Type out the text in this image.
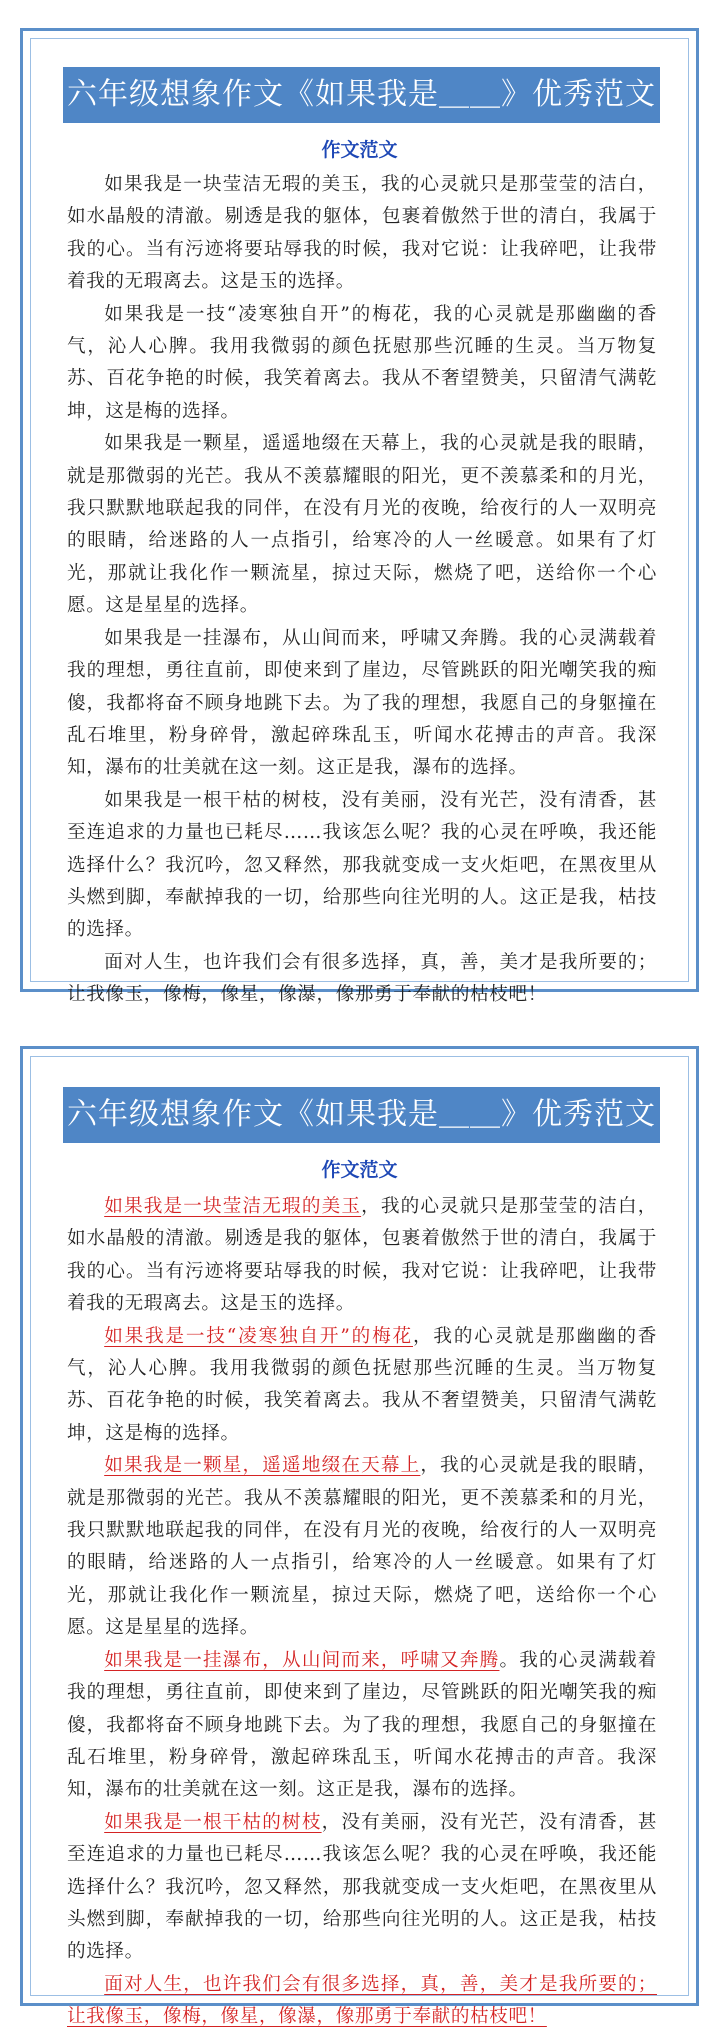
六年级想象作文《如果我是＿＿》优秀范文
作文范文

如果我是一块莹洁无瑕的美玉，我的心灵就只是那莹莹的洁白，如水晶般的清澈。剔透是我的躯体，包裹着傲然于世的清白，我属于我的心。当有污迹将要玷辱我的时候，我对它说：让我碎吧，让我带着我的无瑕离去。这是玉的选择。

如果我是一技“凌寒独自开”的梅花，我的心灵就是那幽幽的香气，沁人心脾。我用我微弱的颜色抚慰那些沉睡的生灵。当万物复苏、百花争艳的时候，我笑着离去。我从不奢望赞美，只留清气满乾坤，这是梅的选择。

如果我是一颗星，遥遥地缀在天幕上，我的心灵就是我的眼睛，就是那微弱的光芒。我从不羡慕耀眼的阳光，更不羡慕柔和的月光，我只默默地联起我的同伴，在没有月光的夜晚，给夜行的人一双明亮的眼睛，给迷路的人一点指引，给寒冷的人一丝暖意。如果有了灯光，那就让我化作一颗流星，掠过天际，燃烧了吧，送给你一个心愿。这是星星的选择。

如果我是一挂瀑布，从山间而来，呼啸又奔腾。我的心灵满载着我的理想，勇往直前，即使来到了崖边，尽管跳跃的阳光嘲笑我的痴傻，我都将奋不顾身地跳下去。为了我的理想，我愿自己的身躯撞在乱石堆里，粉身碎骨，激起碎珠乱玉，听闻水花搏击的声音。我深知，瀑布的壮美就在这一刻。这正是我，瀑布的选择。

如果我是一根干枯的树枝，没有美丽，没有光芒，没有清香，甚至连追求的力量也已耗尽……我该怎么呢？我的心灵在呼唤，我还能选择什么？我沉吟，忽又释然，那我就变成一支火炬吧，在黑夜里从头燃到脚，奉献掉我的一切，给那些向往光明的人。这正是我，枯技的选择。

面对人生，也许我们会有很多选择，真，善，美才是我所要的；让我像玉，像梅，像星，像瀑，像那勇于奉献的枯枝吧！

六年级想象作文《如果我是＿＿》优秀范文
作文范文

如果我是一块莹洁无瑕的美玉，我的心灵就只是那莹莹的洁白，如水晶般的清澈。剔透是我的躯体，包裹着傲然于世的清白，我属于我的心。当有污迹将要玷辱我的时候，我对它说：让我碎吧，让我带着我的无瑕离去。这是玉的选择。

如果我是一技“凌寒独自开”的梅花，我的心灵就是那幽幽的香气，沁人心脾。我用我微弱的颜色抚慰那些沉睡的生灵。当万物复苏、百花争艳的时候，我笑着离去。我从不奢望赞美，只留清气满乾坤，这是梅的选择。

如果我是一颗星，遥遥地缀在天幕上，我的心灵就是我的眼睛，就是那微弱的光芒。我从不羡慕耀眼的阳光，更不羡慕柔和的月光，我只默默地联起我的同伴，在没有月光的夜晚，给夜行的人一双明亮的眼睛，给迷路的人一点指引，给寒冷的人一丝暖意。如果有了灯光，那就让我化作一颗流星，掠过天际，燃烧了吧，送给你一个心愿。这是星星的选择。

如果我是一挂瀑布，从山间而来，呼啸又奔腾。我的心灵满载着我的理想，勇往直前，即使来到了崖边，尽管跳跃的阳光嘲笑我的痴傻，我都将奋不顾身地跳下去。为了我的理想，我愿自己的身躯撞在乱石堆里，粉身碎骨，激起碎珠乱玉，听闻水花搏击的声音。我深知，瀑布的壮美就在这一刻。这正是我，瀑布的选择。

如果我是一根干枯的树枝，没有美丽，没有光芒，没有清香，甚至连追求的力量也已耗尽……我该怎么呢？我的心灵在呼唤，我还能选择什么？我沉吟，忽又释然，那我就变成一支火炬吧，在黑夜里从头燃到脚，奉献掉我的一切，给那些向往光明的人。这正是我，枯技的选择。

面对人生，也许我们会有很多选择，真，善，美才是我所要的；让我像玉，像梅，像星，像瀑，像那勇于奉献的枯枝吧！
